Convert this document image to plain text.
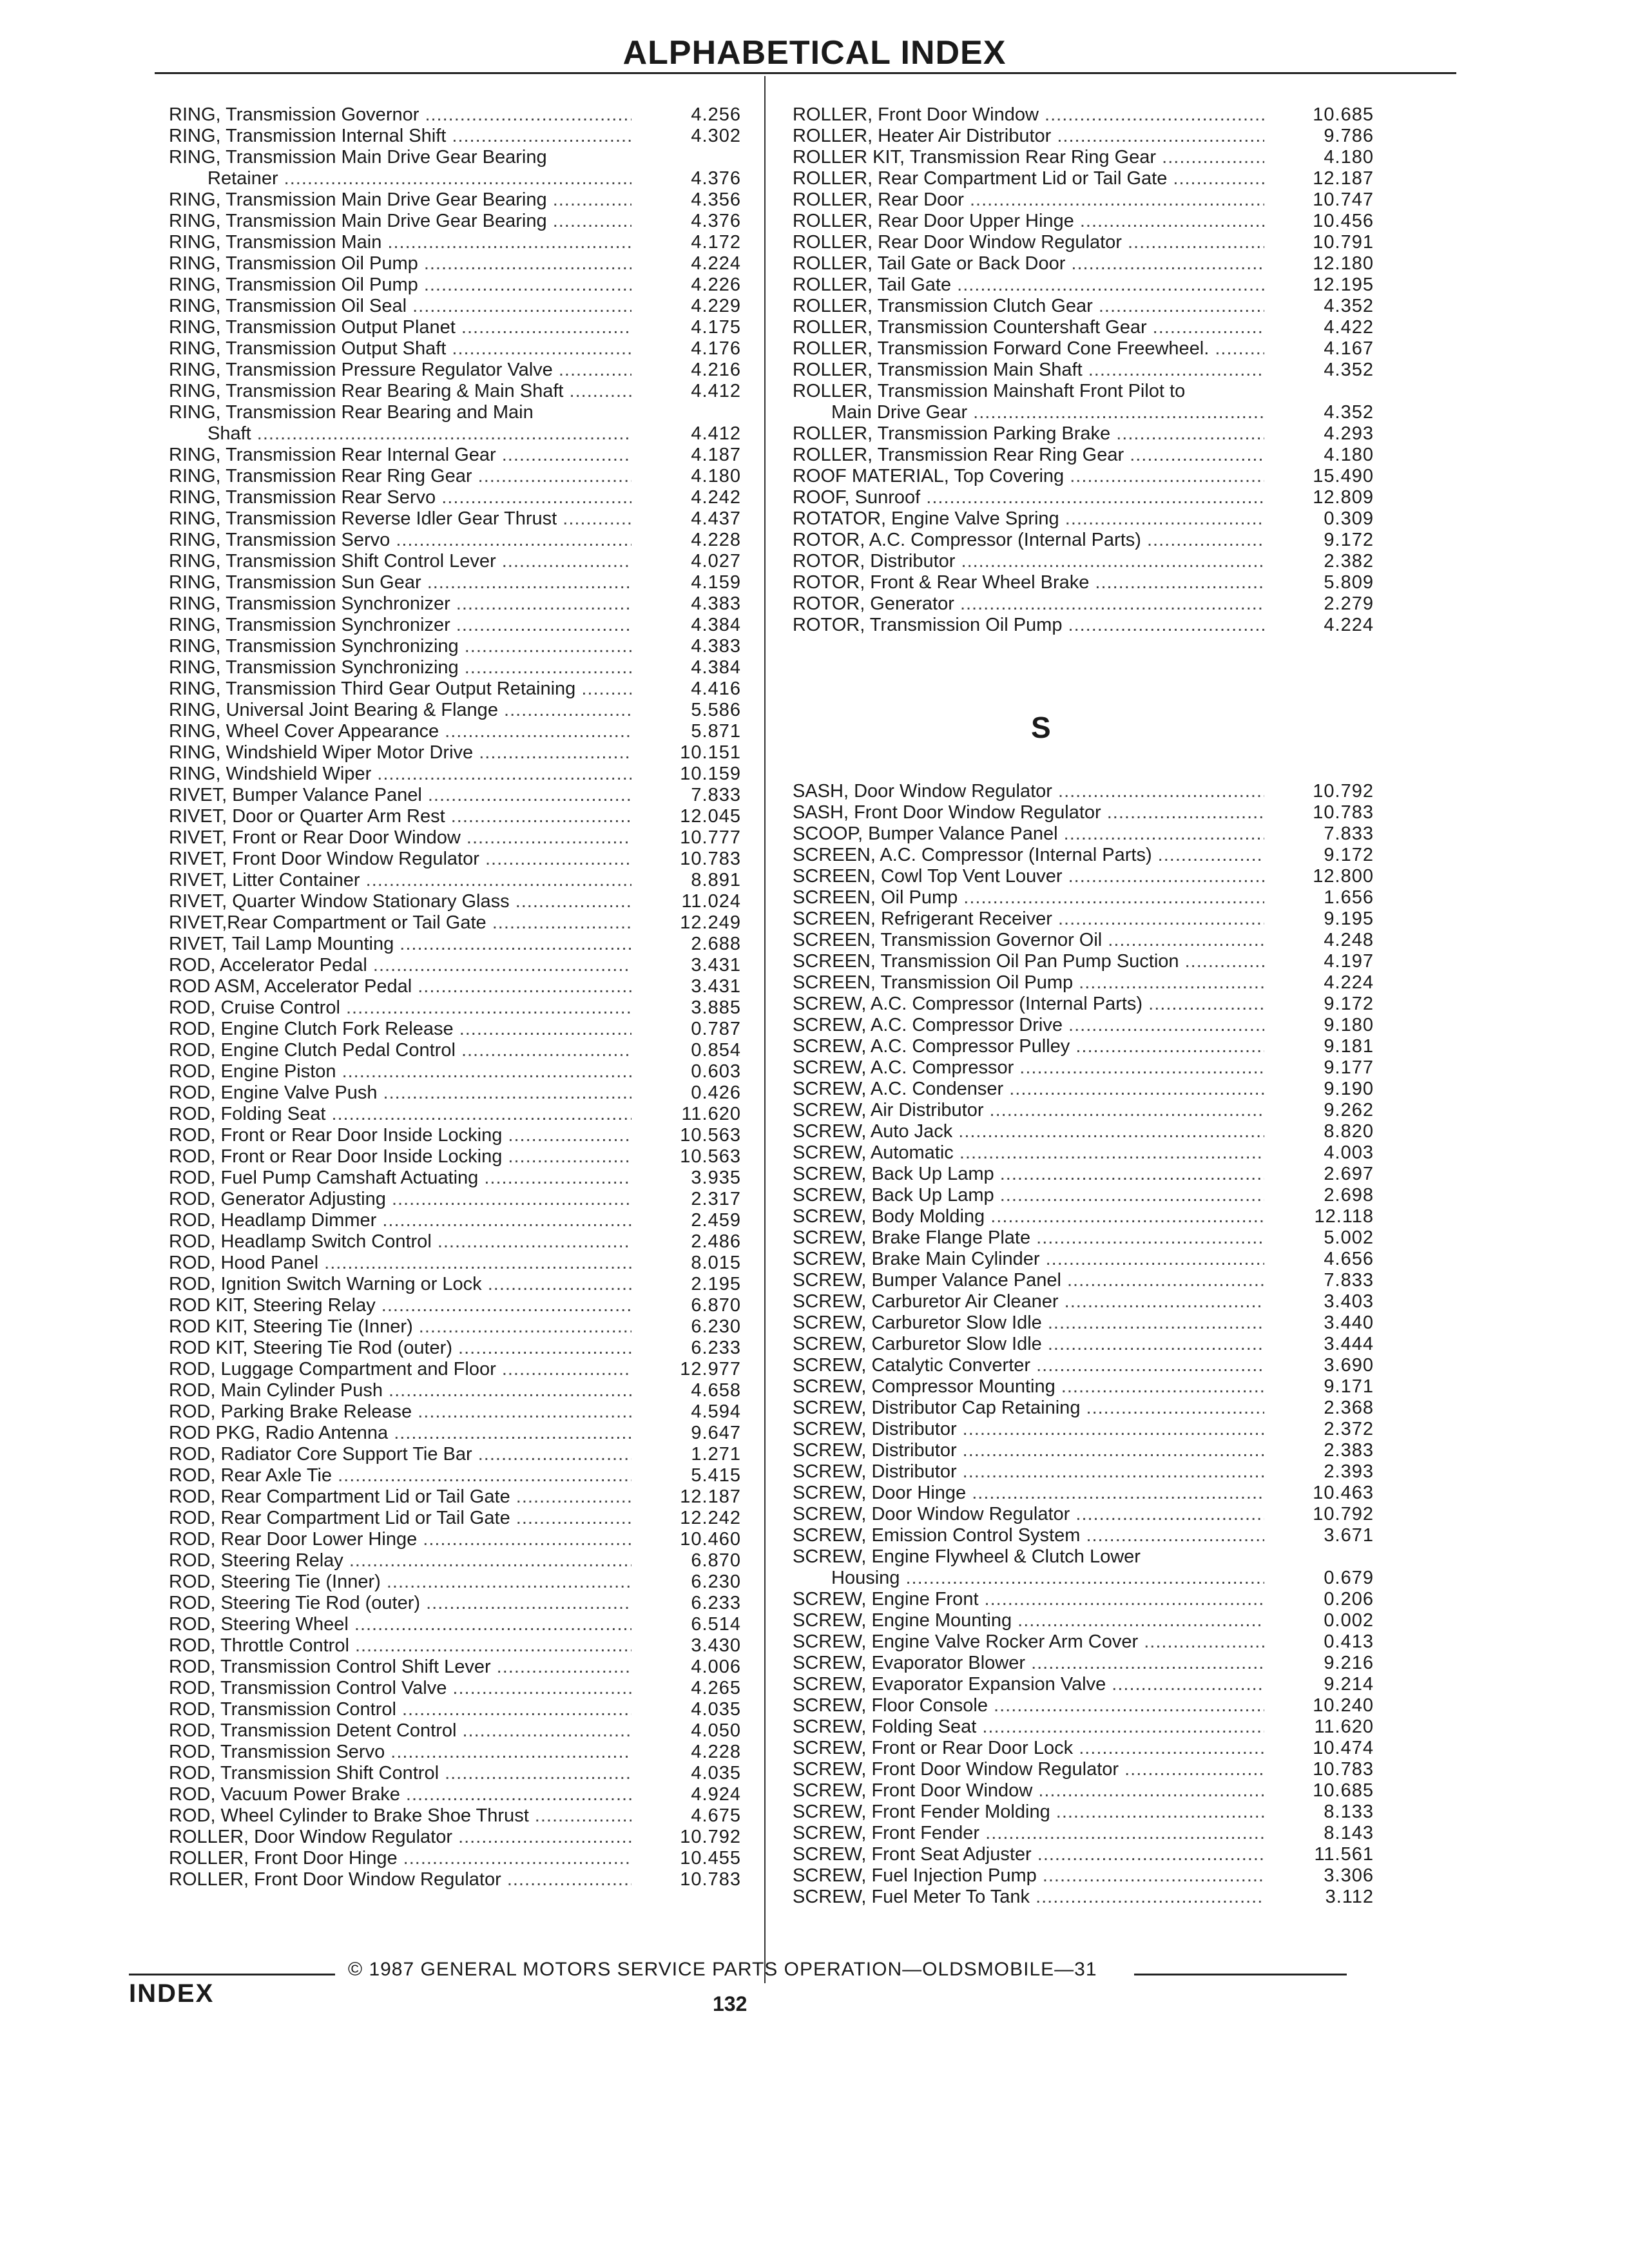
ALPHABETICAL INDEX
RING, Transmission Governor .....	4.256
RING, Transmission Internal Shift .....	4.302
RING, Transmission Main Drive Gear Bearing
Retainer .....	4.376
RING, Transmission Main Drive Gear Bearing .....	4.356
RING, Transmission Main Drive Gear Bearing .....	4.376
RING, Transmission Main .....	4.172
RING, Transmission Oil Pump .....	4.224
RING, Transmission Oil Pump .....	4.226
RING, Transmission Oil Seal .....	4.229
RING, Transmission Output Planet .....	4.175
RING, Transmission Output Shaft .....	4.176
RING, Transmission Pressure Regulator Valve .....	4.216
RING, Transmission Rear Bearing & Main Shaft .....	4.412
RING, Transmission Rear Bearing and Main
Shaft .....	4.412
RING, Transmission Rear Internal Gear .....	4.187
RING, Transmission Rear Ring Gear .....	4.180
RING, Transmission Rear Servo .....	4.242
RING, Transmission Reverse Idler Gear Thrust .....	4.437
RING, Transmission Servo .....	4.228
RING, Transmission Shift Control Lever .....	4.027
RING, Transmission Sun Gear .....	4.159
RING, Transmission Synchronizer .....	4.383
RING, Transmission Synchronizer .....	4.384
RING, Transmission Synchronizing .....	4.383
RING, Transmission Synchronizing .....	4.384
RING, Transmission Third Gear Output Retaining .....	4.416
RING, Universal Joint Bearing & Flange .....	5.586
RING, Wheel Cover Appearance .....	5.871
RING, Windshield Wiper Motor Drive .....	10.151
RING, Windshield Wiper .....	10.159
RIVET, Bumper Valance Panel .....	7.833
RIVET, Door or Quarter Arm Rest .....	12.045
RIVET, Front or Rear Door Window .....	10.777
RIVET, Front Door Window Regulator .....	10.783
RIVET, Litter Container .....	8.891
RIVET, Quarter Window Stationary Glass .....	11.024
RIVET,Rear Compartment or Tail Gate .....	12.249
RIVET, Tail Lamp Mounting .....	2.688
ROD, Accelerator Pedal .....	3.431
ROD ASM, Accelerator Pedal .....	3.431
ROD, Cruise Control .....	3.885
ROD, Engine Clutch Fork Release .....	0.787
ROD, Engine Clutch Pedal Control .....	0.854
ROD, Engine Piston .....	0.603
ROD, Engine Valve Push .....	0.426
ROD, Folding Seat .....	11.620
ROD, Front or Rear Door Inside Locking .....	10.563
ROD, Front or Rear Door Inside Locking .....	10.563
ROD, Fuel Pump Camshaft Actuating .....	3.935
ROD, Generator Adjusting .....	2.317
ROD, Headlamp Dimmer .....	2.459
ROD, Headlamp Switch Control .....	2.486
ROD, Hood Panel .....	8.015
ROD, Ignition Switch Warning or Lock .....	2.195
ROD KIT, Steering Relay .....	6.870
ROD KIT, Steering Tie (Inner) .....	6.230
ROD KIT, Steering Tie Rod (outer) .....	6.233
ROD, Luggage Compartment and Floor .....	12.977
ROD, Main Cylinder Push .....	4.658
ROD, Parking Brake Release .....	4.594
ROD PKG, Radio Antenna .....	9.647
ROD, Radiator Core Support Tie Bar .....	1.271
ROD, Rear Axle Tie .....	5.415
ROD, Rear Compartment Lid or Tail Gate .....	12.187
ROD, Rear Compartment Lid or Tail Gate .....	12.242
ROD, Rear Door Lower Hinge .....	10.460
ROD, Steering Relay .....	6.870
ROD, Steering Tie (Inner) .....	6.230
ROD, Steering Tie Rod (outer) .....	6.233
ROD, Steering Wheel .....	6.514
ROD, Throttle Control .....	3.430
ROD, Transmission Control Shift Lever .....	4.006
ROD, Transmission Control Valve .....	4.265
ROD, Transmission Control .....	4.035
ROD, Transmission Detent Control .....	4.050
ROD, Transmission Servo .....	4.228
ROD, Transmission Shift Control .....	4.035
ROD, Vacuum Power Brake .....	4.924
ROD, Wheel Cylinder to Brake Shoe Thrust .....	4.675
ROLLER, Door Window Regulator .....	10.792
ROLLER, Front Door Hinge .....	10.455
ROLLER, Front Door Window Regulator .....	10.783
ROLLER, Front Door Window .....	10.685
ROLLER, Heater Air Distributor .....	9.786
ROLLER KIT, Transmission Rear Ring Gear .....	4.180
ROLLER, Rear Compartment Lid or Tail Gate .....	12.187
ROLLER, Rear Door .....	10.747
ROLLER, Rear Door Upper Hinge .....	10.456
ROLLER, Rear Door Window Regulator .....	10.791
ROLLER, Tail Gate or Back Door .....	12.180
ROLLER, Tail Gate .....	12.195
ROLLER, Transmission Clutch Gear .....	4.352
ROLLER, Transmission Countershaft Gear .....	4.422
ROLLER, Transmission Forward Cone Freewheel. .....	4.167
ROLLER, Transmission Main Shaft .....	4.352
ROLLER, Transmission Mainshaft Front Pilot to
Main Drive Gear .....	4.352
ROLLER, Transmission Parking Brake .....	4.293
ROLLER, Transmission Rear Ring Gear .....	4.180
ROOF MATERIAL, Top Covering .....	15.490
ROOF, Sunroof .....	12.809
ROTATOR, Engine Valve Spring .....	0.309
ROTOR, A.C. Compressor (Internal Parts) .....	9.172
ROTOR, Distributor .....	2.382
ROTOR, Front & Rear Wheel Brake .....	5.809
ROTOR, Generator .....	2.279
ROTOR, Transmission Oil Pump .....	4.224
S
SASH, Door Window Regulator .....	10.792
SASH, Front Door Window Regulator .....	10.783
SCOOP, Bumper Valance Panel .....	7.833
SCREEN, A.C. Compressor (Internal Parts) .....	9.172
SCREEN, Cowl Top Vent Louver .....	12.800
SCREEN, Oil Pump .....	1.656
SCREEN, Refrigerant Receiver .....	9.195
SCREEN, Transmission Governor Oil .....	4.248
SCREEN, Transmission Oil Pan Pump Suction .....	4.197
SCREEN, Transmission Oil Pump .....	4.224
SCREW, A.C. Compressor (Internal Parts) .....	9.172
SCREW, A.C. Compressor Drive .....	9.180
SCREW, A.C. Compressor Pulley .....	9.181
SCREW, A.C. Compressor .....	9.177
SCREW, A.C. Condenser .....	9.190
SCREW, Air Distributor .....	9.262
SCREW, Auto Jack .....	8.820
SCREW, Automatic .....	4.003
SCREW, Back Up Lamp .....	2.697
SCREW, Back Up Lamp .....	2.698
SCREW, Body Molding .....	12.118
SCREW, Brake Flange Plate .....	5.002
SCREW, Brake Main Cylinder .....	4.656
SCREW, Bumper Valance Panel .....	7.833
SCREW, Carburetor Air Cleaner .....	3.403
SCREW, Carburetor Slow Idle .....	3.440
SCREW, Carburetor Slow Idle .....	3.444
SCREW, Catalytic Converter .....	3.690
SCREW, Compressor Mounting .....	9.171
SCREW, Distributor Cap Retaining .....	2.368
SCREW, Distributor .....	2.372
SCREW, Distributor .....	2.383
SCREW, Distributor .....	2.393
SCREW, Door Hinge .....	10.463
SCREW, Door Window Regulator .....	10.792
SCREW, Emission Control System .....	3.671
SCREW, Engine Flywheel & Clutch Lower
Housing .....	0.679
SCREW, Engine Front .....	0.206
SCREW, Engine Mounting .....	0.002
SCREW, Engine Valve Rocker Arm Cover .....	0.413
SCREW, Evaporator Blower .....	9.216
SCREW, Evaporator Expansion Valve .....	9.214
SCREW, Floor Console .....	10.240
SCREW, Folding Seat .....	11.620
SCREW, Front or Rear Door Lock .....	10.474
SCREW, Front Door Window Regulator .....	10.783
SCREW, Front Door Window .....	10.685
SCREW, Front Fender Molding .....	8.133
SCREW, Front Fender .....	8.143
SCREW, Front Seat Adjuster .....	11.561
SCREW, Fuel Injection Pump .....	3.306
SCREW, Fuel Meter To Tank .....	3.112
© 1987 GENERAL MOTORS SERVICE PARTS OPERATION—OLDSMOBILE—31
INDEX	132
